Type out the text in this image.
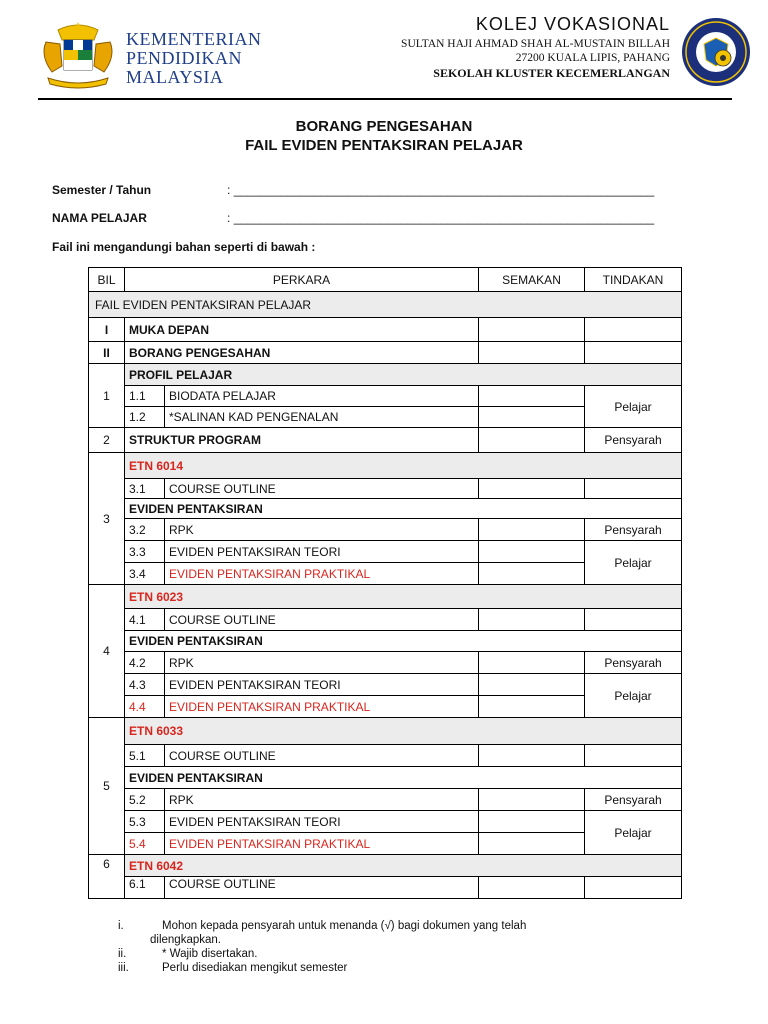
KEMENTERIAN
PENDIDIKAN
MALAYSIA
KOLEJ VOKASIONAL
SULTAN HAJI AHMAD SHAH AL-MUSTAIN BILLAH
27200 KUALA LIPIS, PAHANG
SEKOLAH KLUSTER KECEMERLANGAN
BORANG PENGESAHAN
FAIL EVIDEN PENTAKSIRAN PELAJAR
Semester / Tahun	: _______________________________________________________________
NAMA PELAJAR	: _______________________________________________________________
Fail ini mengandungi bahan seperti di bawah :
BIL	PERKARA		SEMAKAN	TINDAKAN
FAIL EVIDEN PENTAKSIRAN PELAJAR				
I	MUKA DEPAN			
II	BORANG PENGESAHAN			
1	PROFIL PELAJAR			
	1.1	BIODATA PELAJAR		Pelajar
	1.2	*SALINAN KAD PENGENALAN		
2	STRUKTUR PROGRAM			Pensyarah
3	ETN 6014			
	3.1	COURSE OUTLINE		
	EVIDEN PENTAKSIRAN			
	3.2	RPK		Pensyarah
	3.3	EVIDEN PENTAKSIRAN TEORI		Pelajar
	3.4	EVIDEN PENTAKSIRAN PRAKTIKAL		
4	ETN 6023			
	4.1	COURSE OUTLINE		
	EVIDEN PENTAKSIRAN			
	4.2	RPK		Pensyarah
	4.3	EVIDEN PENTAKSIRAN TEORI		Pelajar
	4.4	EVIDEN PENTAKSIRAN PRAKTIKAL		
5	ETN 6033			
	5.1	COURSE OUTLINE		
	EVIDEN PENTAKSIRAN			
	5.2	RPK		Pensyarah
	5.3	EVIDEN PENTAKSIRAN TEORI		Pelajar
	5.4	EVIDEN PENTAKSIRAN PRAKTIKAL		
6	ETN 6042			
	6.1	COURSE OUTLINE		
i.	Mohon kepada pensyarah untuk menanda (√) bagi dokumen yang telah
dilengkapkan.
ii.	* Wajib disertakan.
iii.	Perlu disediakan mengikut semester
